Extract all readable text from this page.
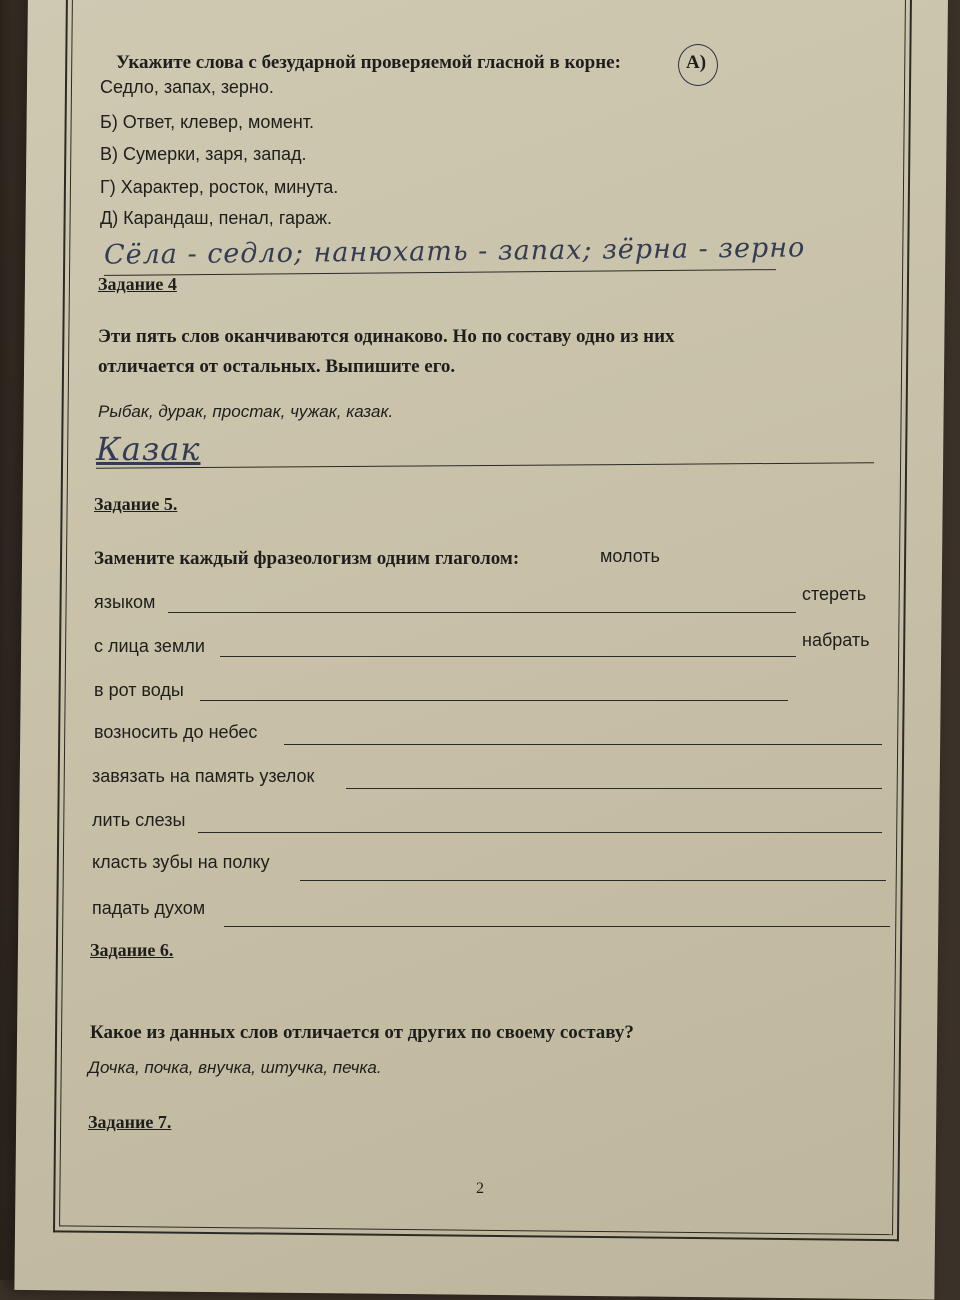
Укажите слова с безударной проверяемой гласной в корне:	А)
Седло, запах, зерно.
Б) Ответ, клевер, момент.
В) Сумерки, заря, запад.
Г) Характер, росток, минута.
Д) Карандаш, пенал, гараж.
Сёла - седло; нанюхать - запах; зёрна - зерно
Задание 4
Эти пять слов оканчиваются одинаково. Но по составу одно из них
отличается от остальных. Выпишите его.
Рыбак, дурак, простак, чужак, казак.
Казак
Задание 5.
Замените каждый фразеологизм одним глаголом:	молоть
языком	стереть
с лица земли	набрать
в рот воды
возносить до небес
завязать на память узелок
лить слезы
класть зубы на полку
падать духом
Задание 6.
Какое из данных слов отличается от других по своему составу?
Дочка, почка, внучка, штучка, печка.
Задание 7.
2
